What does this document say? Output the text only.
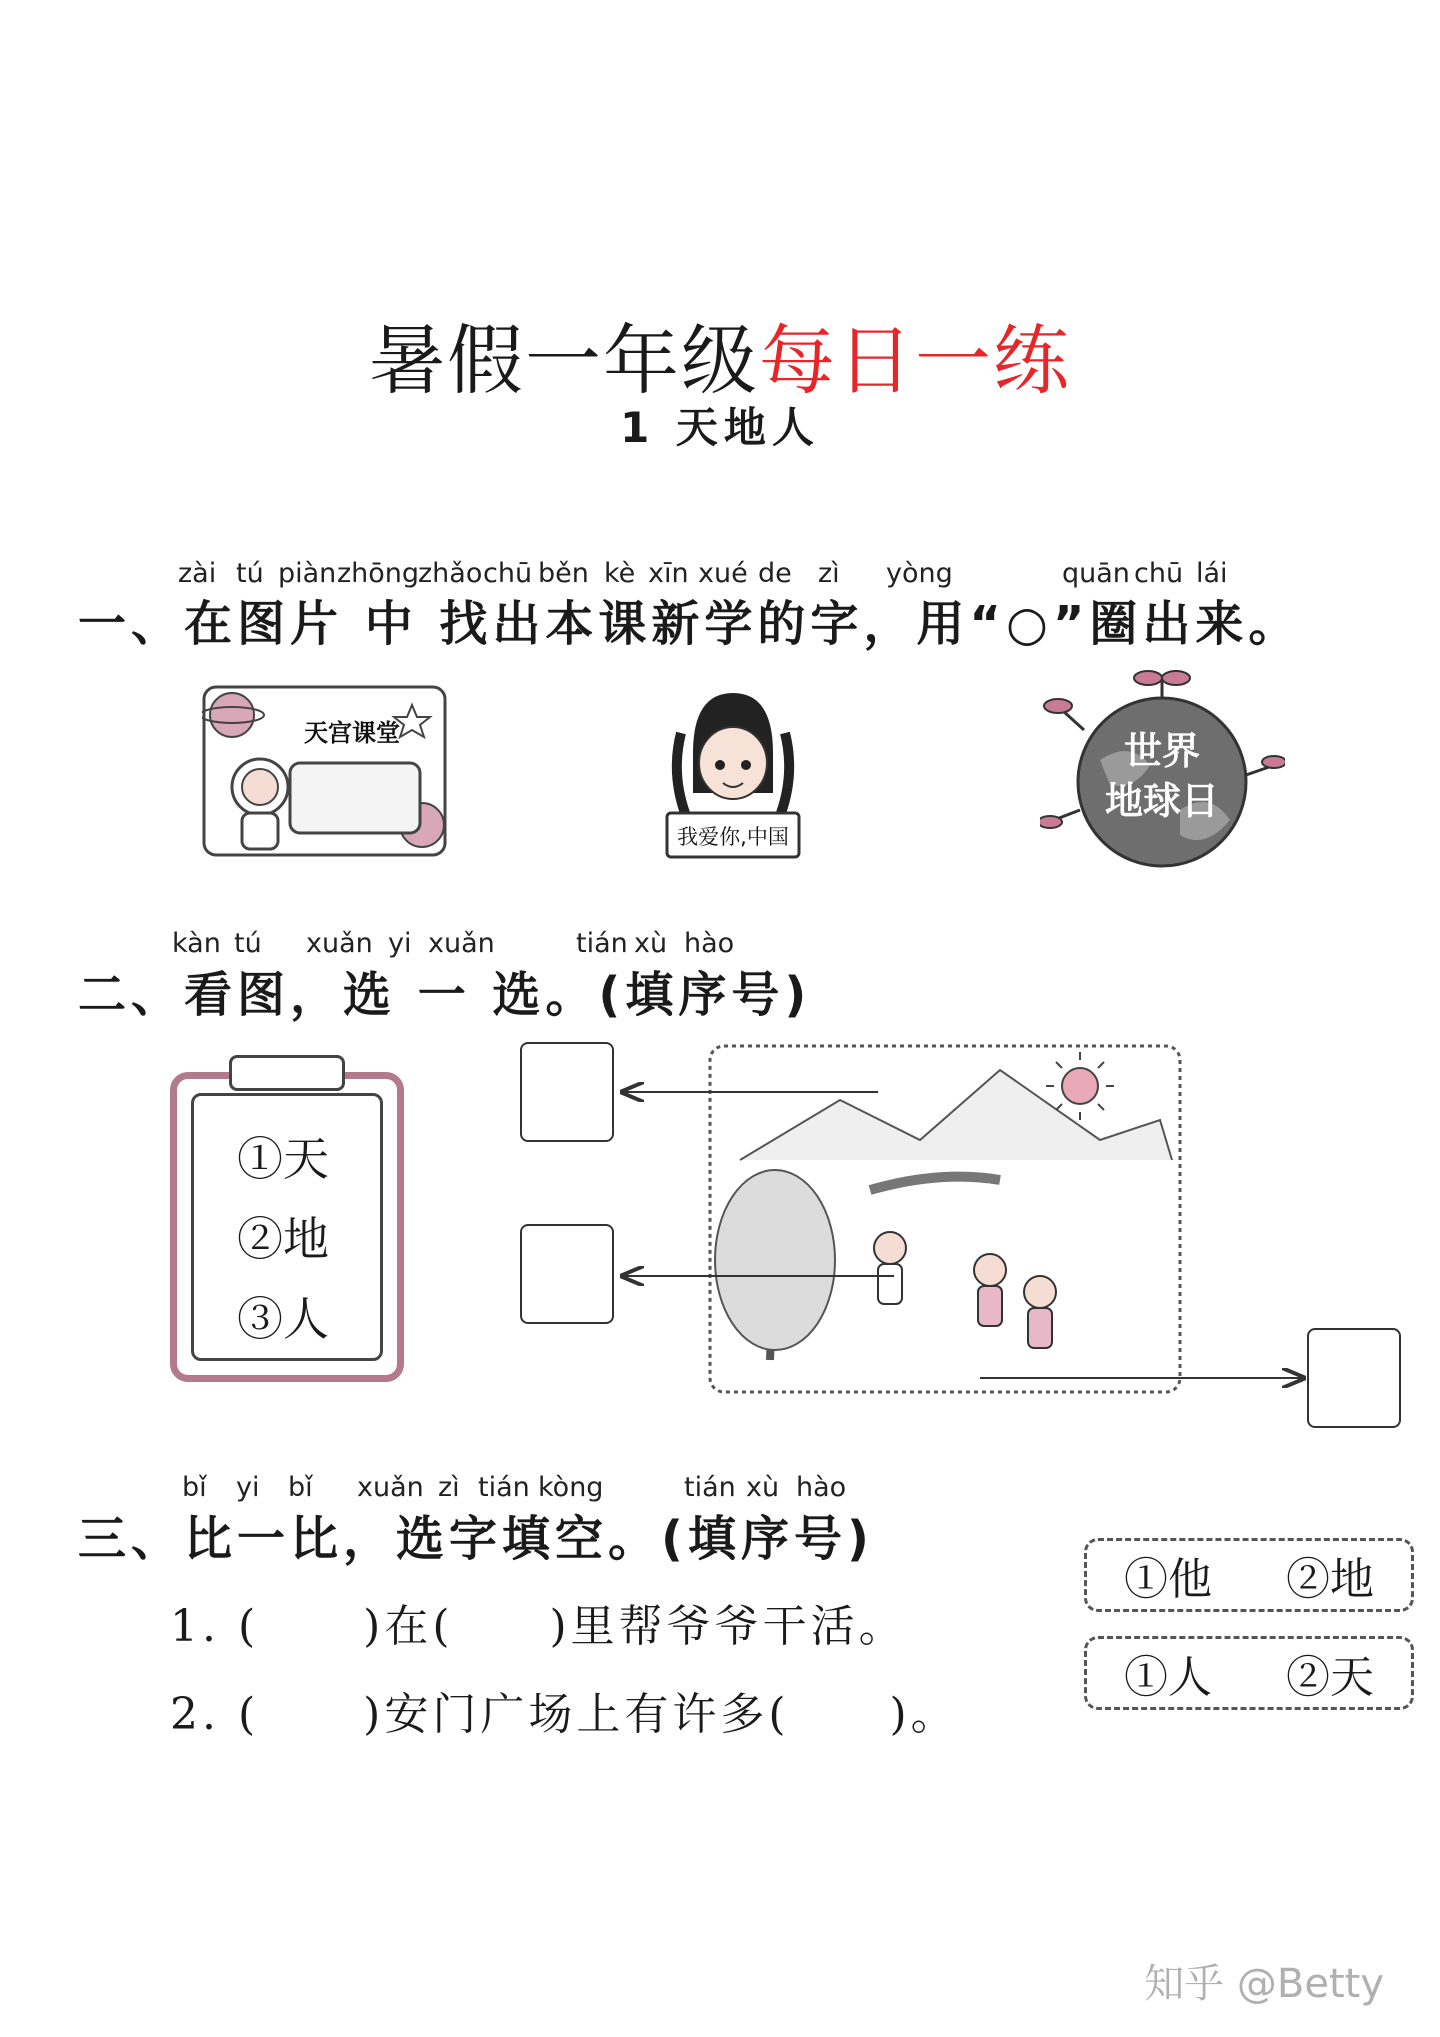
暑假一年级每日一练
1 天地人
zài tú piàn zhōng
zhǎo chū běn kè xīn xué de zì yòng	quān chū lái
一、在图片 中 找出本课新学的字，用“○”圈出来。
天宫课堂
我爱你,中国
世界
地球日
kàn tú xuǎn yi xuǎn	tián xù hào
二、看图，选 一 选。(填序号)
①天
②地
③人
bǐ yi bǐ xuǎn zì tián kòng	tián xù hào
三、比一比，选字填空。(填序号)
1. ( )在( )里帮爷爷干活。
2. ( )安门广场上有许多( )。
①他 ②地
①人 ②天
知乎 @Betty
